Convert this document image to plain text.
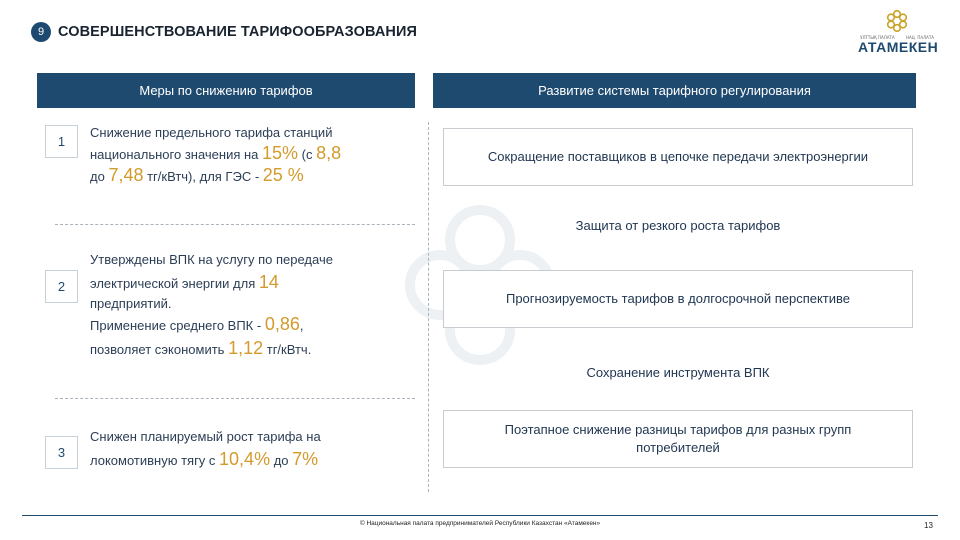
9 СОВЕРШЕНСТВОВАНИЕ ТАРИФООБРАЗОВАНИЯ	ҰЛТТЫҚ ПАЛАТА	НАЦ. ПАЛАТА
АТАМЕКЕН
Меры по снижению тарифов	Развитие системы тарифного регулирования
1
Снижение предельного тарифа станций
национального значения на 15% (с 8,8
до 7,48 тг/кВтч), для ГЭС - 25 %
2
Утверждены ВПК на услугу по передаче
электрической энергии для 14
предприятий.
Применение среднего ВПК - 0,86,
позволяет сэкономить 1,12 тг/кВтч.
3
Снижен планируемый рост тарифа на
локомотивную тягу с 10,4% до 7%
Сокращение поставщиков в цепочке передачи электроэнергии
Защита от резкого роста тарифов
Прогнозируемость тарифов в долгосрочной перспективе
Сохранение инструмента ВПК
Поэтапное снижение разницы тарифов для разных групп потребителей
© Национальная палата предпринимателей Республики Казахстан «Атамекен»	13
